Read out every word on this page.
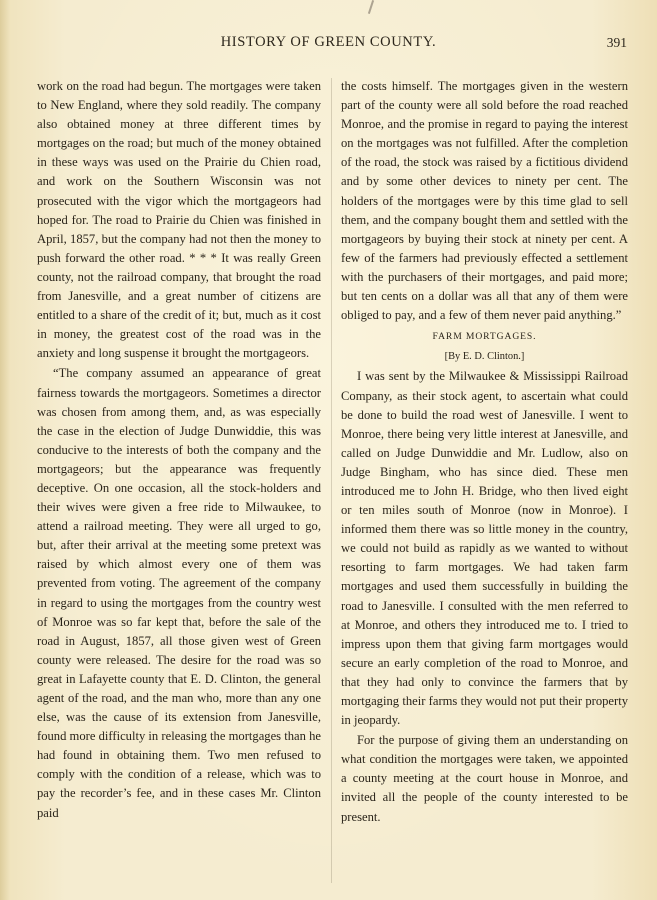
HISTORY OF GREEN COUNTY.	391

work on the road had begun. The mortgages were taken to New England, where they sold readily. The company also obtained money at three different times by mortgages on the road; but much of the money obtained in these ways was used on the Prairie du Chien road, and work on the Southern Wisconsin was not prosecuted with the vigor which the mortgageors had hoped for. The road to Prairie du Chien was finished in April, 1857, but the company had not then the money to push forward the other road. * * * It was really Green county, not the railroad company, that brought the road from Janesville, and a great number of citizens are entitled to a share of the credit of it; but, much as it cost in money, the greatest cost of the road was in the anxiety and long suspense it brought the mortgageors.

“The company assumed an appearance of great fairness towards the mortgageors. Sometimes a director was chosen from among them, and, as was especially the case in the election of Judge Dunwiddie, this was conducive to the interests of both the company and the mortgageors; but the appearance was frequently deceptive. On one occasion, all the stock-holders and their wives were given a free ride to Milwaukee, to attend a railroad meeting. They were all urged to go, but, after their arrival at the meeting some pretext was raised by which almost every one of them was prevented from voting. The agreement of the company in regard to using the mortgages from the country west of Monroe was so far kept that, before the sale of the road in August, 1857, all those given west of Green county were released. The desire for the road was so great in Lafayette county that E. D. Clinton, the general agent of the road, and the man who, more than any one else, was the cause of its extension from Janesville, found more difficulty in releasing the mortgages than he had found in obtaining them. Two men refused to comply with the condition of a release, which was to pay the recorder’s fee, and in these cases Mr. Clinton paid

the costs himself. The mortgages given in the western part of the county were all sold before the road reached Monroe, and the promise in regard to paying the interest on the mortgages was not fulfilled. After the completion of the road, the stock was raised by a fictitious dividend and by some other devices to ninety per cent. The holders of the mortgages were by this time glad to sell them, and the company bought them and settled with the mortgageors by buying their stock at ninety per cent. A few of the farmers had previously effected a settlement with the purchasers of their mortgages, and paid more; but ten cents on a dollar was all that any of them were obliged to pay, and a few of them never paid anything.”

FARM MORTGAGES.
[By E. D. Clinton.]

I was sent by the Milwaukee & Mississippi Railroad Company, as their stock agent, to ascertain what could be done to build the road west of Janesville. I went to Monroe, there being very little interest at Janesville, and called on Judge Dunwiddie and Mr. Ludlow, also on Judge Bingham, who has since died. These men introduced me to John H. Bridge, who then lived eight or ten miles south of Monroe (now in Monroe). I informed them there was so little money in the country, we could not build as rapidly as we wanted to without resorting to farm mortgages. We had taken farm mortgages and used them successfully in building the road to Janesville. I consulted with the men referred to at Monroe, and others they introduced me to. I tried to impress upon them that giving farm mortgages would secure an early completion of the road to Monroe, and that they had only to convince the farmers that by mortgaging their farms they would not put their property in jeopardy.

For the purpose of giving them an understanding on what condition the mortgages were taken, we appointed a county meeting at the court house in Monroe, and invited all the people of the county interested to be present.
